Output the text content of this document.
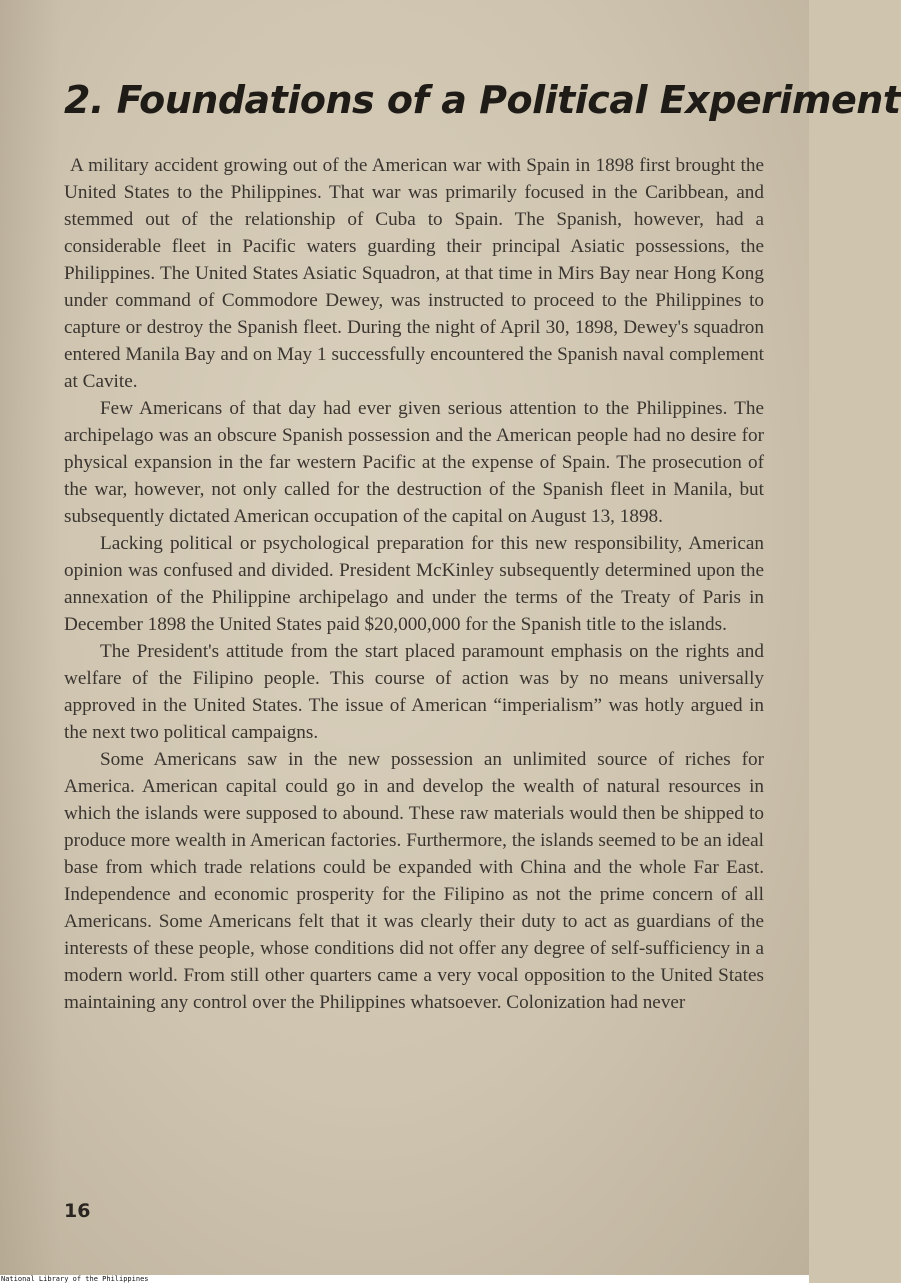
2. Foundations of a Political Experiment

A military accident growing out of the American war with Spain in 1898 first brought the United States to the Philippines. That war was primarily focused in the Caribbean, and stemmed out of the relationship of Cuba to Spain. The Spanish, however, had a considerable fleet in Pacific waters guarding their principal Asiatic possessions, the Philippines. The United States Asiatic Squadron, at that time in Mirs Bay near Hong Kong under command of Commodore Dewey, was instructed to proceed to the Philippines to capture or destroy the Spanish fleet. During the night of April 30, 1898, Dewey's squadron entered Manila Bay and on May 1 successfully encountered the Spanish naval complement at Cavite.

Few Americans of that day had ever given serious attention to the Philippines. The archipelago was an obscure Spanish possession and the American people had no desire for physical expansion in the far western Pacific at the expense of Spain. The prosecution of the war, however, not only called for the destruction of the Spanish fleet in Manila, but subsequently dictated American occupation of the capital on August 13, 1898.

Lacking political or psychological preparation for this new responsibility, American opinion was confused and divided. President McKinley subsequently determined upon the annexation of the Philippine archipelago and under the terms of the Treaty of Paris in December 1898 the United States paid $20,000,000 for the Spanish title to the islands.

The President's attitude from the start placed paramount emphasis on the rights and welfare of the Filipino people. This course of action was by no means universally approved in the United States. The issue of American “imperialism” was hotly argued in the next two political campaigns.

Some Americans saw in the new possession an unlimited source of riches for America. American capital could go in and develop the wealth of natural resources in which the islands were supposed to abound. These raw materials would then be shipped to produce more wealth in American factories. Furthermore, the islands seemed to be an ideal base from which trade relations could be expanded with China and the whole Far East. Independence and economic prosperity for the Filipino as not the prime concern of all Americans. Some Americans felt that it was clearly their duty to act as guardians of the interests of these people, whose conditions did not offer any degree of self-sufficiency in a modern world. From still other quarters came a very vocal opposition to the United States maintaining any control over the Philippines whatsoever. Colonization had never

16
National Library of the Philippines
